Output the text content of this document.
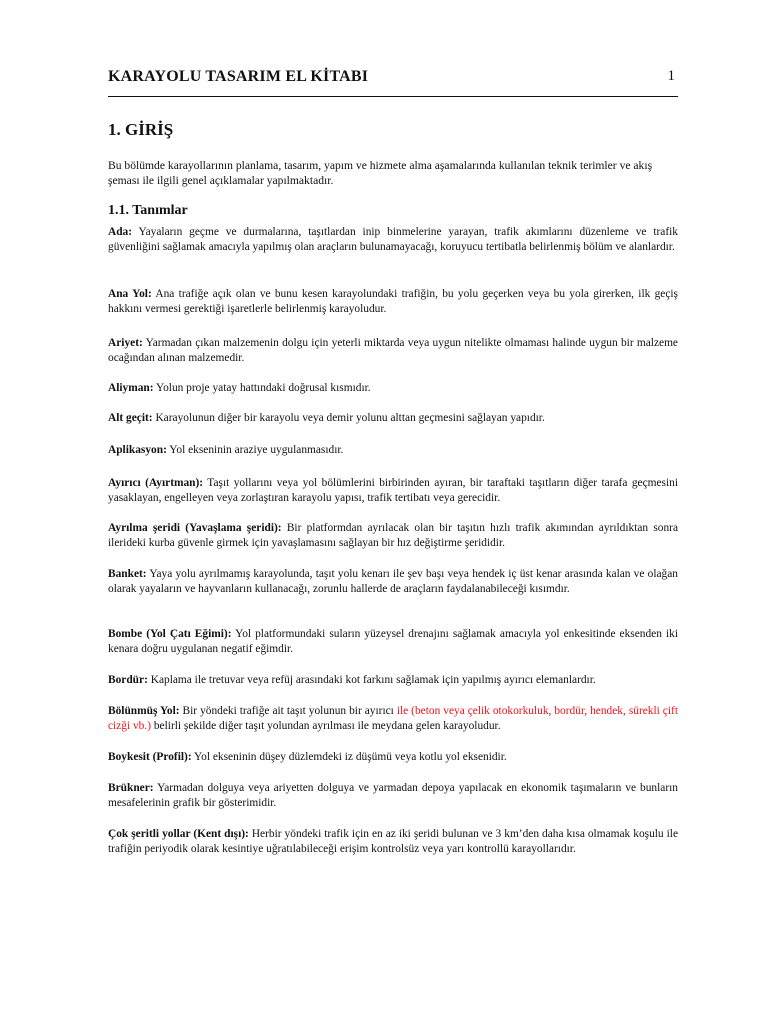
KARAYOLU TASARIM EL KİTABI	1
1. GİRİŞ
Bu bölümde karayollarının planlama, tasarım, yapım ve hizmete alma aşamalarında kullanılan teknik terimler ve akış şeması ile ilgili genel açıklamalar yapılmaktadır.
1.1. Tanımlar

Ada: Yayaların geçme ve durmalarına, taşıtlardan inip binmelerine yarayan, trafik akımlarını düzenleme ve trafik güvenliğini sağlamak amacıyla yapılmış olan araçların bulunamayacağı, koruyucu tertibatla belirlenmiş bölüm ve alanlardır.

Ana Yol: Ana trafiğe açık olan ve bunu kesen karayolundaki trafiğin, bu yolu geçerken veya bu yola girerken, ilk geçiş hakkını vermesi gerektiği işaretlerle belirlenmiş karayoludur.

Ariyet: Yarmadan çıkan malzemenin dolgu için yeterli miktarda veya uygun nitelikte olmaması halinde uygun bir malzeme ocağından alınan malzemedir.

Aliyman: Yolun proje yatay hattındaki doğrusal kısmıdır.

Alt geçit: Karayolunun diğer bir karayolu veya demir yolunu alttan geçmesini sağlayan yapıdır.

Aplikasyon: Yol ekseninin araziye uygulanmasıdır.

Ayırıcı (Ayırtman): Taşıt yollarını veya yol bölümlerini birbirinden ayıran, bir taraftaki taşıtların diğer tarafa geçmesini yasaklayan, engelleyen veya zorlaştıran karayolu yapısı, trafik tertibatı veya gerecidir.

Ayrılma şeridi (Yavaşlama şeridi): Bir platformdan ayrılacak olan bir taşıtın hızlı trafik akımından ayrıldıktan sonra ilerideki kurba güvenle girmek için yavaşlamasını sağlayan bir hız değiştirme şerididir.

Banket: Yaya yolu ayrılmamış karayolunda, taşıt yolu kenarı ile şev başı veya hendek iç üst kenar arasında kalan ve olağan olarak yayaların ve hayvanların kullanacağı, zorunlu hallerde de araçların faydalanabileceği kısımdır.

Bombe (Yol Çatı Eğimi): Yol platformundaki suların yüzeysel drenajını sağlamak amacıyla yol enkesitinde eksenden iki kenara doğru uygulanan negatif eğimdir.

Bordür: Kaplama ile tretuvar veya refüj arasındaki kot farkını sağlamak için yapılmış ayırıcı elemanlardır.

Bölünmüş Yol: Bir yöndeki trafiğe ait taşıt yolunun bir ayırıcı ile (beton veya çelik otokorkuluk, bordür, hendek, sürekli çift cizği vb.) belirli şekilde diğer taşıt yolundan ayrılması ile meydana gelen karayoludur.

Boykesit (Profil): Yol ekseninin düşey düzlemdeki iz düşümü veya kotlu yol eksenidir.

Brükner: Yarmadan dolguya veya ariyetten dolguya ve yarmadan depoya yapılacak en ekonomik taşımaların ve bunların mesafelerinin grafik bir gösterimidir.

Çok şeritli yollar (Kent dışı): Herbir yöndeki trafik için en az iki şeridi bulunan ve 3 km’den daha kısa olmamak koşulu ile trafiğin periyodik olarak kesintiye uğratılabileceği erişim kontrolsüz veya yarı kontrollü karayollarıdır.
